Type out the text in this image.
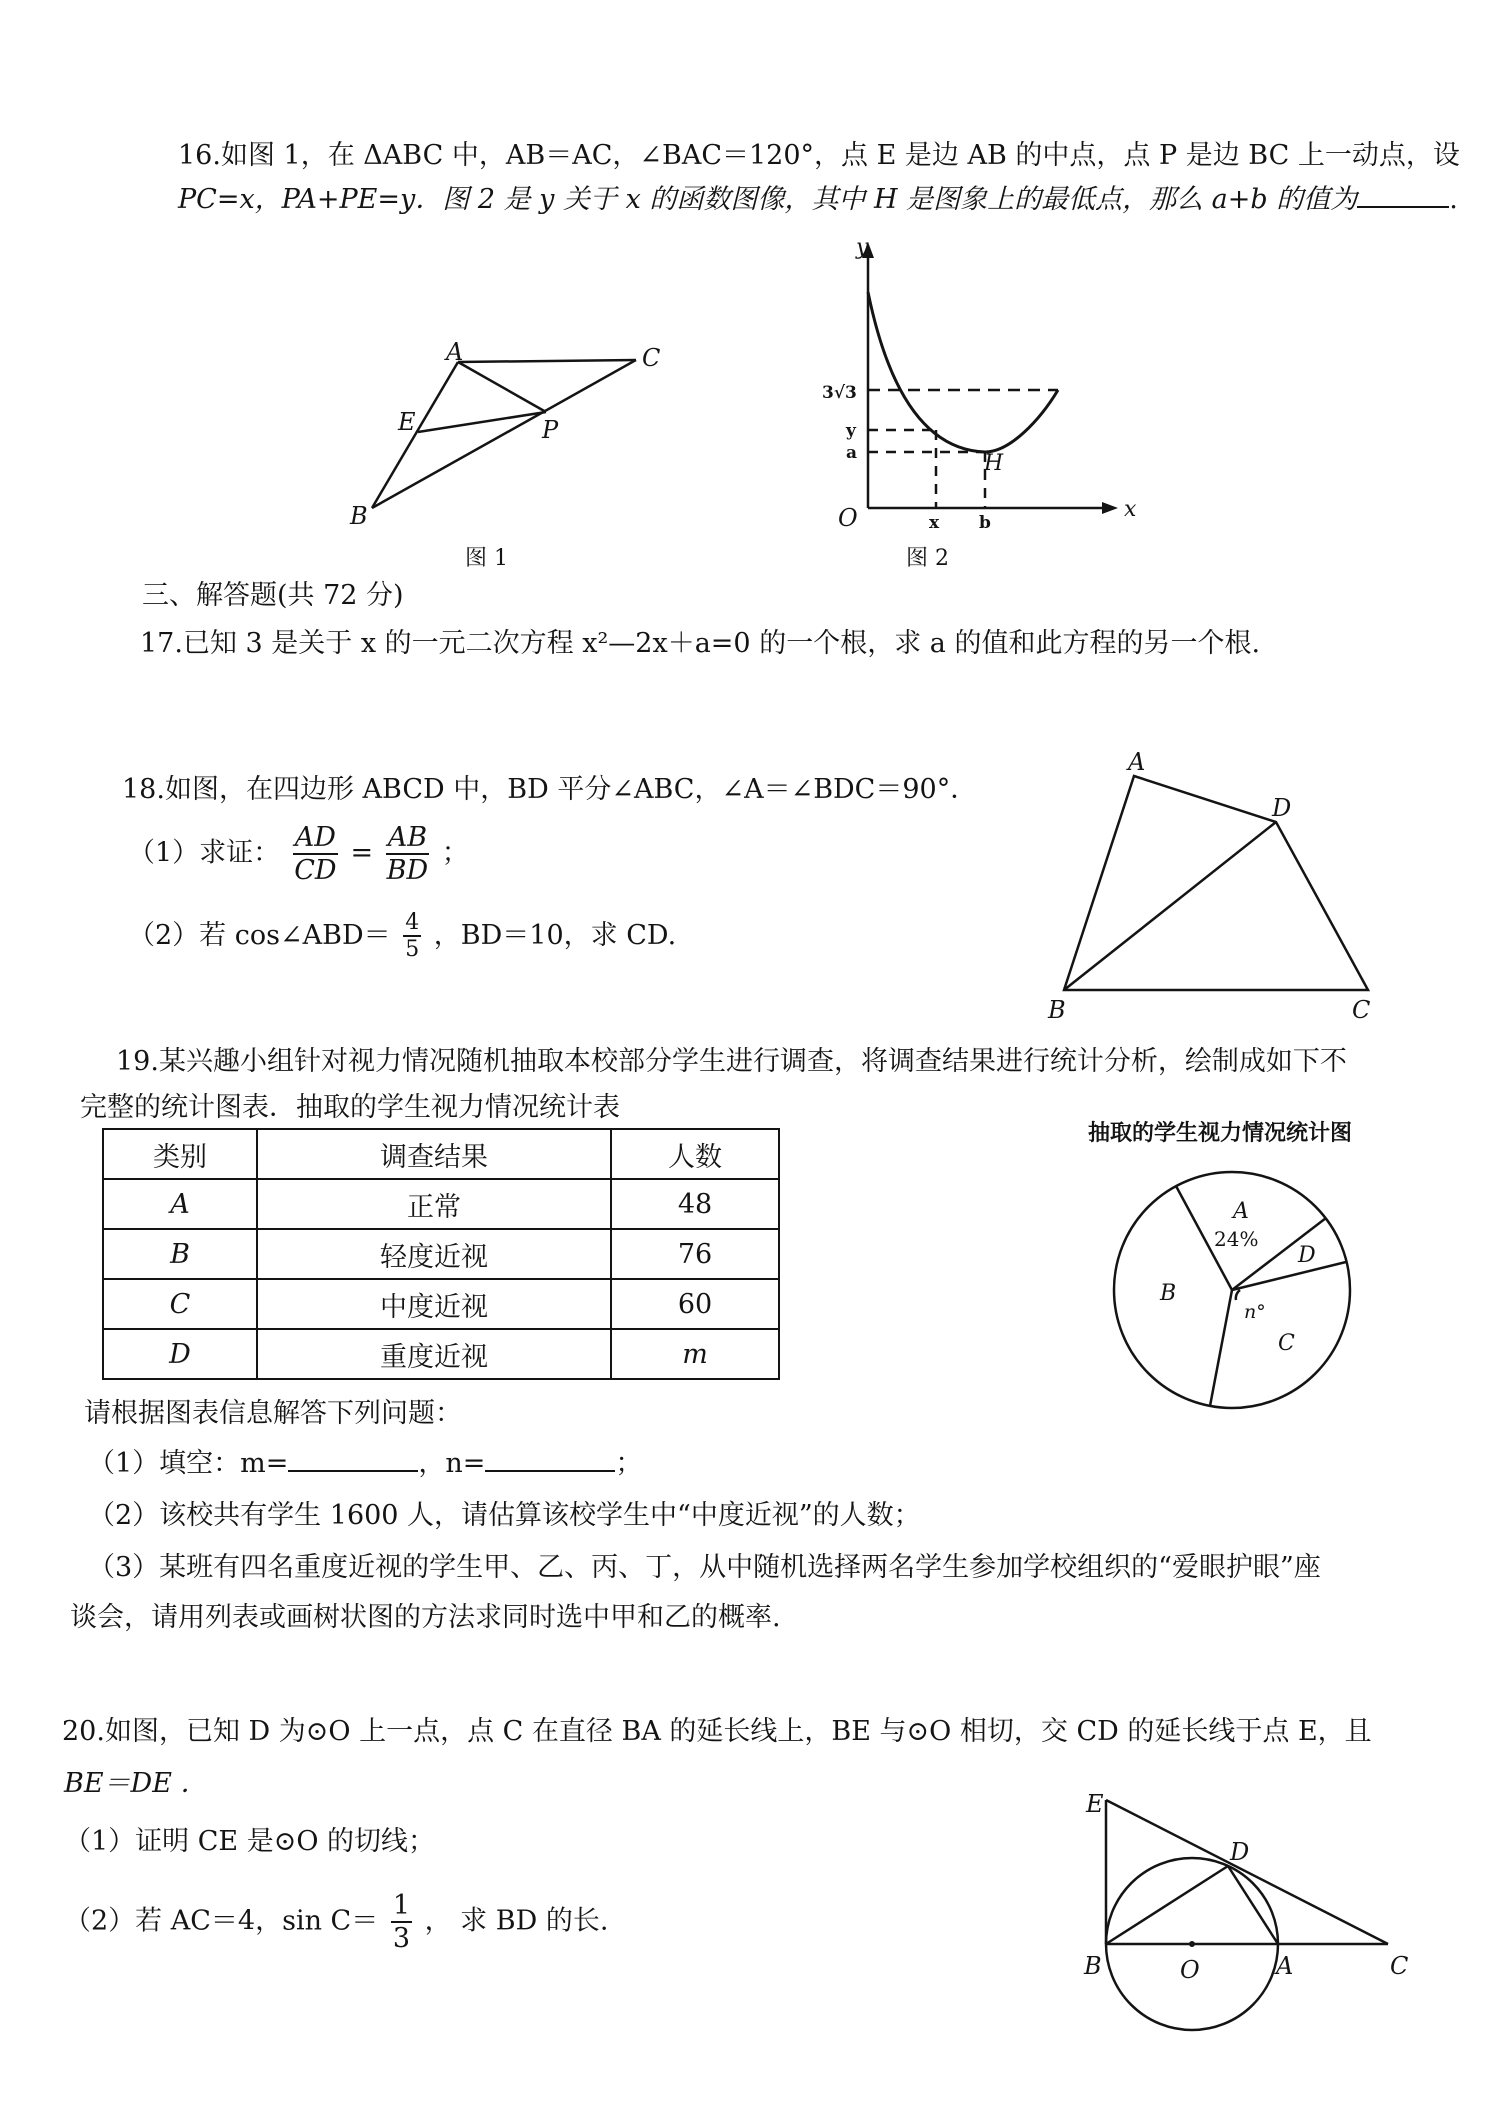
16.如图 1，在 ΔABC 中，AB＝AC，∠BAC＝120°，点 E 是边 AB 的中点，点 P 是边 BC 上一动点，设
PC=x，PA+PE=y．图 2 是 y 关于 x 的函数图像，其中 H 是图象上的最低点，那么 a+b 的值为	.
A	C
E	P
B
图 1
y
x
O
3√3
y
a
x b
H
图 2
A
D
B	C
抽取的学生视力情况统计图
A
24%
D
B
n°
C
E
D
B	O	A	C
三、解答题(共 72 分)
17.已知 3 是关于 x 的一元二次方程 x²—2x＋a=0 的一个根，求 a 的值和此方程的另一个根.
18.如图，在四边形 ABCD 中，BD 平分∠ABC，∠A＝∠BDC＝90°．
（1）求证： $\frac{AD}{CD} = \frac{AB}{BD}$ ；
（2）若 cos∠ABD＝ $\frac{4}{5}$ ，BD＝10，求 CD.
19.某兴趣小组针对视力情况随机抽取本校部分学生进行调查，将调查结果进行统计分析，绘制成如下不
完整的统计图表．抽取的学生视力情况统计表
类别	调查结果	人数
A	正常	48
B	轻度近视	76
C	中度近视	60
D	重度近视	m
请根据图表信息解答下列问题：
（1）填空：m=	，n=	；
（2）该校共有学生 1600 人，请估算该校学生中“中度近视”的人数；
（3）某班有四名重度近视的学生甲、乙、丙、丁，从中随机选择两名学生参加学校组织的“爱眼护眼”座
谈会，请用列表或画树状图的方法求同时选中甲和乙的概率.
20.如图，已知 D 为⊙O 上一点，点 C 在直径 BA 的延长线上，BE 与⊙O 相切，交 CD 的延长线于点 E，且
BE＝DE ．
（1）证明 CE 是⊙O 的切线；
（2）若 AC＝4，$\sin C= \frac{1}{3}$ ， 求 BD 的长.
